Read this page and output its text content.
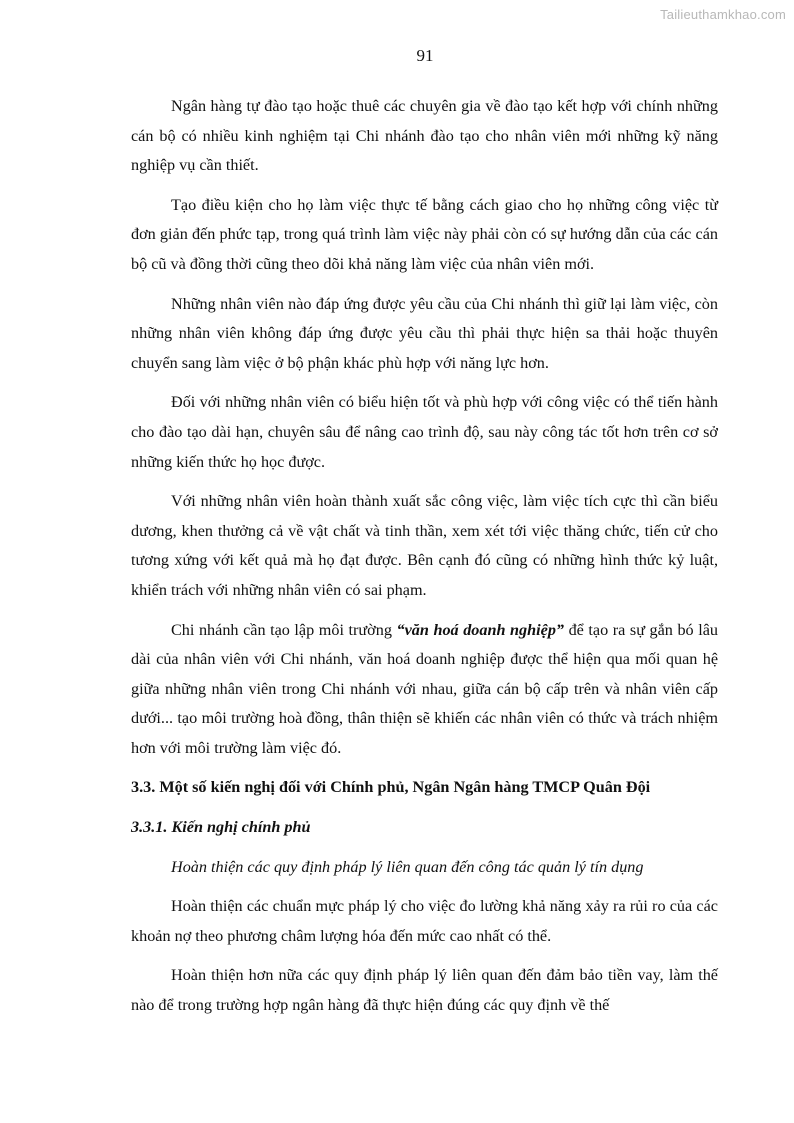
Tailieuthamkhao.com
91

Ngân hàng tự đào tạo hoặc thuê các chuyên gia về đào tạo kết hợp với chính những cán bộ có nhiều kinh nghiệm tại Chi nhánh đào tạo cho nhân viên mới những kỹ năng nghiệp vụ cần thiết.

Tạo điều kiện cho họ làm việc thực tế bằng cách giao cho họ những công việc từ đơn giản đến phức tạp, trong quá trình làm việc này phải còn có sự hướng dẫn của các cán bộ cũ và đồng thời cũng theo dõi khả năng làm việc của nhân viên mới.

Những nhân viên nào đáp ứng được yêu cầu của Chi nhánh thì giữ lại làm việc, còn những nhân viên không đáp ứng được yêu cầu thì phải thực hiện sa thải hoặc thuyên chuyển sang làm việc ở bộ phận khác phù hợp với năng lực hơn.

Đối với những nhân viên có biểu hiện tốt và phù hợp với công việc có thể tiến hành cho đào tạo dài hạn, chuyên sâu để nâng cao trình độ, sau này công tác tốt hơn trên cơ sở những kiến thức họ học được.

Với những nhân viên hoàn thành xuất sắc công việc, làm việc tích cực thì cần biểu dương, khen thưởng cả về vật chất và tinh thần, xem xét tới việc thăng chức, tiến cử cho tương xứng với kết quả mà họ đạt được. Bên cạnh đó cũng có những hình thức kỷ luật, khiển trách với những nhân viên có sai phạm.

Chi nhánh cần tạo lập môi trường “văn hoá doanh nghiệp” để tạo ra sự gắn bó lâu dài của nhân viên với Chi nhánh, văn hoá doanh nghiệp được thể hiện qua mối quan hệ giữa những nhân viên trong Chi nhánh với nhau, giữa cán bộ cấp trên và nhân viên cấp dưới... tạo môi trường hoà đồng, thân thiện sẽ khiến các nhân viên có thức và trách nhiệm hơn với môi trường làm việc đó.

3.3. Một số kiến nghị đối với Chính phủ, Ngân Ngân hàng TMCP Quân Đội
3.3.1. Kiến nghị chính phủ
Hoàn thiện các quy định pháp lý liên quan đến công tác quản lý tín dụng

Hoàn thiện các chuẩn mực pháp lý cho việc đo lường khả năng xảy ra rủi ro của các khoản nợ theo phương châm lượng hóa đến mức cao nhất có thể.

Hoàn thiện hơn nữa các quy định pháp lý liên quan đến đảm bảo tiền vay, làm thế nào để trong trường hợp ngân hàng đã thực hiện đúng các quy định về thế
